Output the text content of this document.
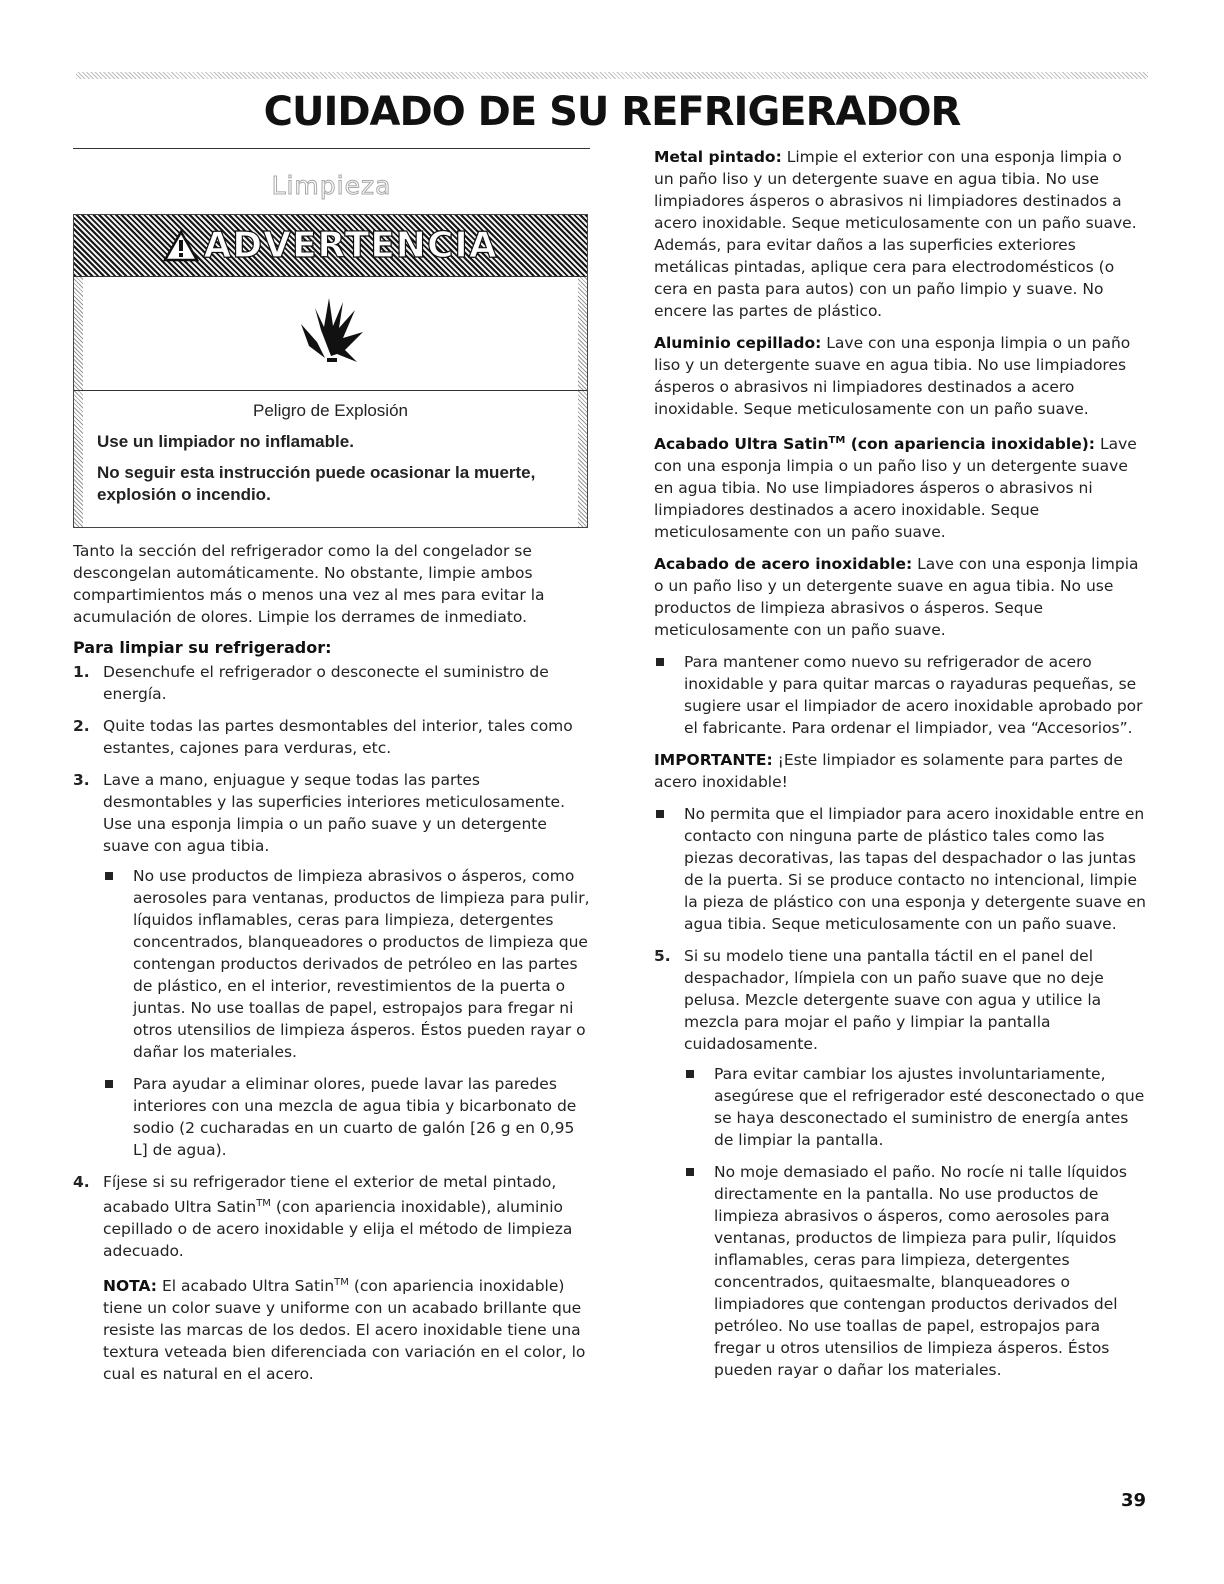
CUIDADO DE SU REFRIGERADOR
Limpieza
ADVERTENCIA
Peligro de Explosión

Use un limpiador no inflamable.

No seguir esta instrucción puede ocasionar la muerte, explosión o incendio.

Tanto la sección del refrigerador como la del congelador se descongelan automáticamente. No obstante, limpie ambos compartimientos más o menos una vez al mes para evitar la acumulación de olores. Limpie los derrames de inmediato.

Para limpiar su refrigerador:
1. Desenchufe el refrigerador o desconecte el suministro de energía.
2. Quite todas las partes desmontables del interior, tales como estantes, cajones para verduras, etc.
3. Lave a mano, enjuague y seque todas las partes desmontables y las superficies interiores meticulosamente. Use una esponja limpia o un paño suave y un detergente suave con agua tibia.
No use productos de limpieza abrasivos o ásperos, como aerosoles para ventanas, productos de limpieza para pulir, líquidos inflamables, ceras para limpieza, detergentes concentrados, blanqueadores o productos de limpieza que contengan productos derivados de petróleo en las partes de plástico, en el interior, revestimientos de la puerta o juntas. No use toallas de papel, estropajos para fregar ni otros utensilios de limpieza ásperos. Éstos pueden rayar o dañar los materiales.
Para ayudar a eliminar olores, puede lavar las paredes interiores con una mezcla de agua tibia y bicarbonato de sodio (2 cucharadas en un cuarto de galón [26 g en 0,95 L] de agua).
4. Fíjese si su refrigerador tiene el exterior de metal pintado, acabado Ultra Satin™ (con apariencia inoxidable), aluminio cepillado o de acero inoxidable y elija el método de limpieza adecuado.
NOTA: El acabado Ultra Satin™ (con apariencia inoxidable) tiene un color suave y uniforme con un acabado brillante que resiste las marcas de los dedos. El acero inoxidable tiene una textura veteada bien diferenciada con variación en el color, lo cual es natural en el acero.

Metal pintado: Limpie el exterior con una esponja limpia o un paño liso y un detergente suave en agua tibia. No use limpiadores ásperos o abrasivos ni limpiadores destinados a acero inoxidable. Seque meticulosamente con un paño suave. Además, para evitar daños a las superficies exteriores metálicas pintadas, aplique cera para electrodomésticos (o cera en pasta para autos) con un paño limpio y suave. No encere las partes de plástico.

Aluminio cepillado: Lave con una esponja limpia o un paño liso y un detergente suave en agua tibia. No use limpiadores ásperos o abrasivos ni limpiadores destinados a acero inoxidable. Seque meticulosamente con un paño suave.

Acabado Ultra Satin™ (con apariencia inoxidable): Lave con una esponja limpia o un paño liso y un detergente suave en agua tibia. No use limpiadores ásperos o abrasivos ni limpiadores destinados a acero inoxidable. Seque meticulosamente con un paño suave.

Acabado de acero inoxidable: Lave con una esponja limpia o un paño liso y un detergente suave en agua tibia. No use productos de limpieza abrasivos o ásperos. Seque meticulosamente con un paño suave.

Para mantener como nuevo su refrigerador de acero inoxidable y para quitar marcas o rayaduras pequeñas, se sugiere usar el limpiador de acero inoxidable aprobado por el fabricante. Para ordenar el limpiador, vea “Accesorios”.

IMPORTANTE: ¡Este limpiador es solamente para partes de acero inoxidable!

No permita que el limpiador para acero inoxidable entre en contacto con ninguna parte de plástico tales como las piezas decorativas, las tapas del despachador o las juntas de la puerta. Si se produce contacto no intencional, limpie la pieza de plástico con una esponja y detergente suave en agua tibia. Seque meticulosamente con un paño suave.
5. Si su modelo tiene una pantalla táctil en el panel del despachador, límpiela con un paño suave que no deje pelusa. Mezcle detergente suave con agua y utilice la mezcla para mojar el paño y limpiar la pantalla cuidadosamente.
Para evitar cambiar los ajustes involuntariamente, asegúrese que el refrigerador esté desconectado o que se haya desconectado el suministro de energía antes de limpiar la pantalla.
No moje demasiado el paño. No rocíe ni talle líquidos directamente en la pantalla. No use productos de limpieza abrasivos o ásperos, como aerosoles para ventanas, productos de limpieza para pulir, líquidos inflamables, ceras para limpieza, detergentes concentrados, quitaesmalte, blanqueadores o limpiadores que contengan productos derivados del petróleo. No use toallas de papel, estropajos para fregar u otros utensilios de limpieza ásperos. Éstos pueden rayar o dañar los materiales.
39
